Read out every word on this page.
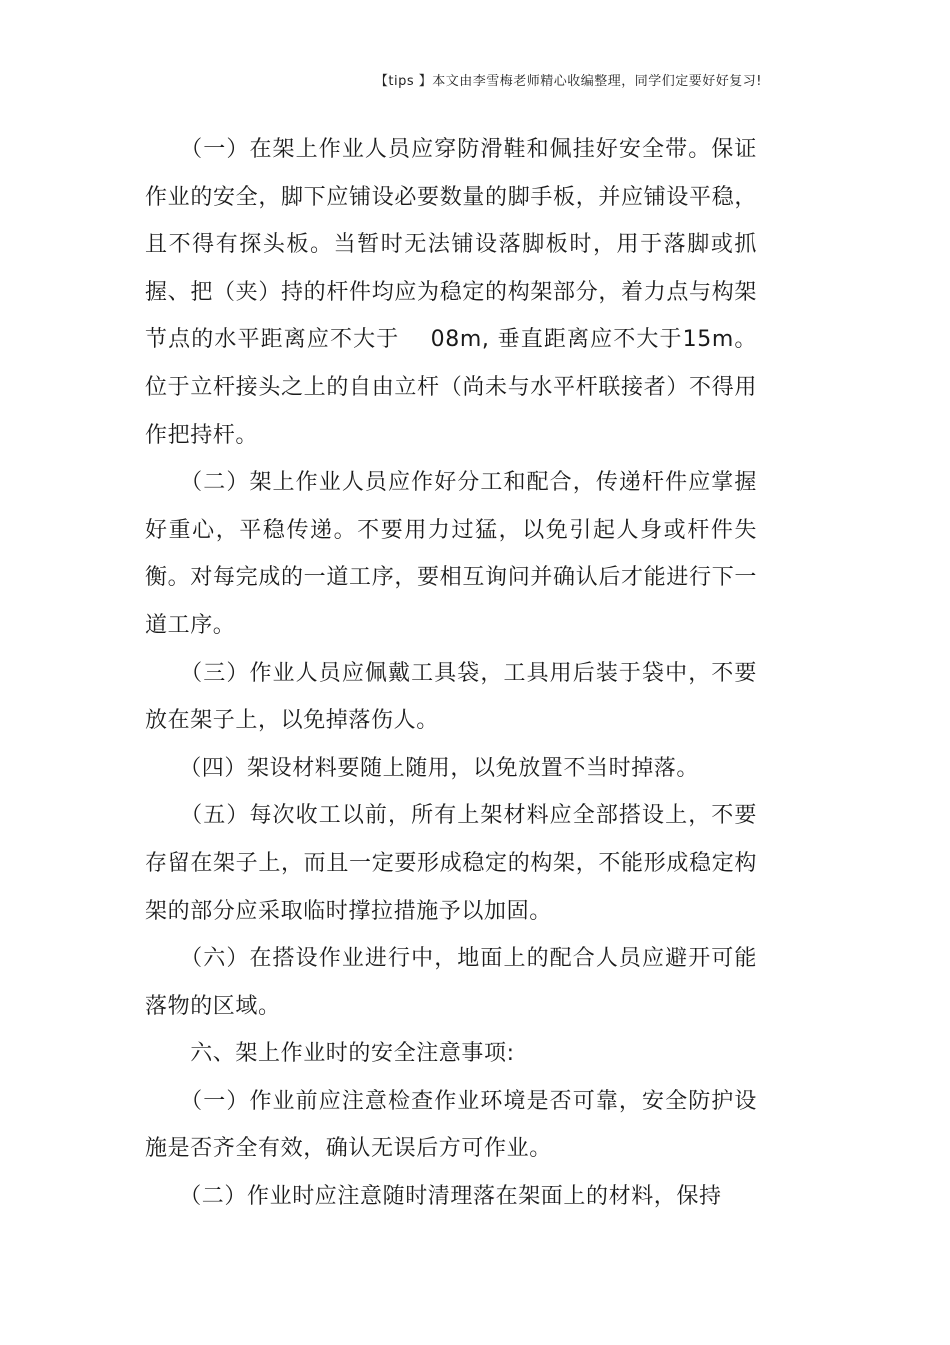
【tips 】本文由李雪梅老师精心收编整理，同学们定要好好复习!

　　（一）在架上作业人员应穿防滑鞋和佩挂好安全带。保证作业的安全，脚下应铺设必要数量的脚手板，并应铺设平稳，且不得有探头板。当暂时无法铺设落脚板时，用于落脚或抓握、把（夹）持的杆件均应为稳定的构架部分，着力点与构架节点的水平距离应不大于　 08m, 垂直距离应不大于15m。位于立杆接头之上的自由立杆（尚未与水平杆联接者）不得用作把持杆。

　　（二）架上作业人员应作好分工和配合，传递杆件应掌握好重心，平稳传递。不要用力过猛，以免引起人身或杆件失衡。对每完成的一道工序，要相互询问并确认后才能进行下一道工序。

　　（三）作业人员应佩戴工具袋，工具用后装于袋中，不要放在架子上，以免掉落伤人。

　　（四）架设材料要随上随用，以免放置不当时掉落。

　　（五）每次收工以前，所有上架材料应全部搭设上，不要存留在架子上，而且一定要形成稳定的构架，不能形成稳定构架的部分应采取临时撑拉措施予以加固。

　　（六）在搭设作业进行中，地面上的配合人员应避开可能落物的区域。

　　六、架上作业时的安全注意事项:

　　（一）作业前应注意检查作业环境是否可靠，安全防护设施是否齐全有效，确认无误后方可作业。

　　（二）作业时应注意随时清理落在架面上的材料，保持
